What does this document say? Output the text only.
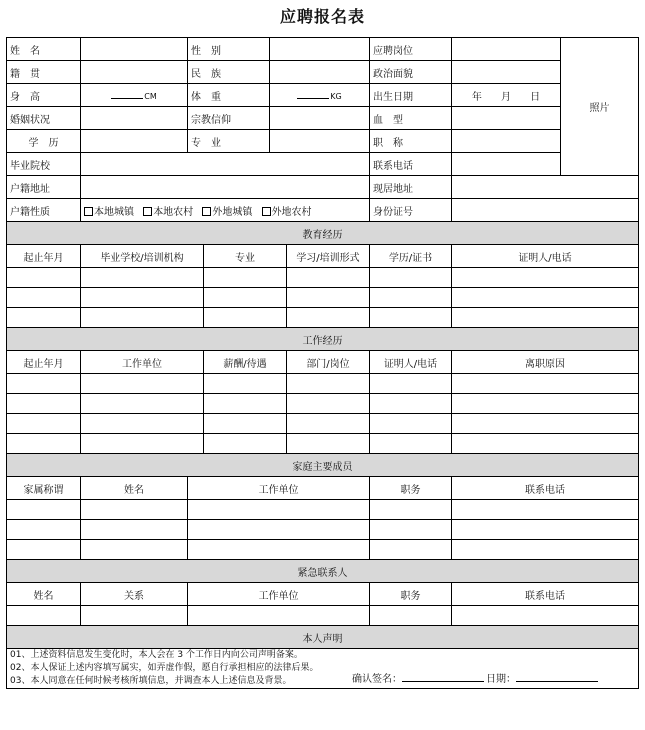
应聘报名表
姓　名		性　别				应聘岗位		照片
籍　贯		民　族				政治面貌		
身　高	CM	体　重		KG		出生日期	年 月 日	
婚姻状况		宗教信仰				血　型		
学　历		专　业				职　称		
毕业院校						联系电话		
户籍地址						现居地址		
户籍性质	本地城镇 本地农村 外地城镇 外地农村					身份证号		
教育经历								
起止年月	毕业学校/培训机构		专业		学习/培训形式	学历/证书	证明人/电话	

工作经历								
起止年月	工作单位		薪酬/待遇		部门/岗位	证明人/电话	离职原因	

家庭主要成员								
家属称谓	姓名	工作单位				职务	联系电话	

紧急联系人								
姓名	关系	工作单位				职务	联系电话	

本人声明								

01、上述资料信息发生变化时，本人会在 3 个工作日内向公司声明备案。
02、本人保证上述内容填写属实，如弄虚作假，愿自行承担相应的法律后果。
03、本人同意在任何时候考核所填信息，并调查本人上述信息及背景。 确认签名： 日期：								
